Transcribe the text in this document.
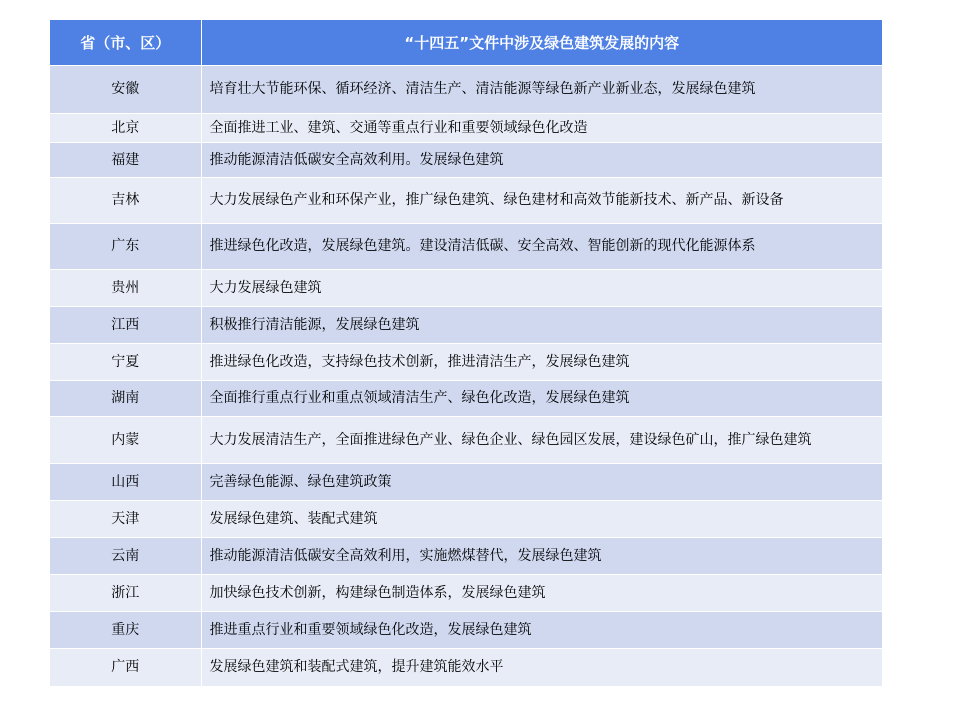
省（市、区）	“十四五”文件中涉及绿色建筑发展的内容
安徽	培育壮大节能环保、循环经济、清洁生产、清洁能源等绿色新产业新业态，发展绿色建筑
北京	全面推进工业、建筑、交通等重点行业和重要领域绿色化改造
福建	推动能源清洁低碳安全高效利用。发展绿色建筑
吉林	大力发展绿色产业和环保产业，推广绿色建筑、绿色建材和高效节能新技术、新产品、新设备
广东	推进绿色化改造，发展绿色建筑。建设清洁低碳、安全高效、智能创新的现代化能源体系
贵州	大力发展绿色建筑
江西	积极推行清洁能源，发展绿色建筑
宁夏	推进绿色化改造，支持绿色技术创新，推进清洁生产，发展绿色建筑
湖南	全面推行重点行业和重点领域清洁生产、绿色化改造，发展绿色建筑
内蒙	大力发展清洁生产，全面推进绿色产业、绿色企业、绿色园区发展，建设绿色矿山，推广绿色建筑
山西	完善绿色能源、绿色建筑政策
天津	发展绿色建筑、装配式建筑
云南	推动能源清洁低碳安全高效利用，实施燃煤替代，发展绿色建筑
浙江	加快绿色技术创新，构建绿色制造体系，发展绿色建筑
重庆	推进重点行业和重要领域绿色化改造，发展绿色建筑
广西	发展绿色建筑和装配式建筑，提升建筑能效水平
